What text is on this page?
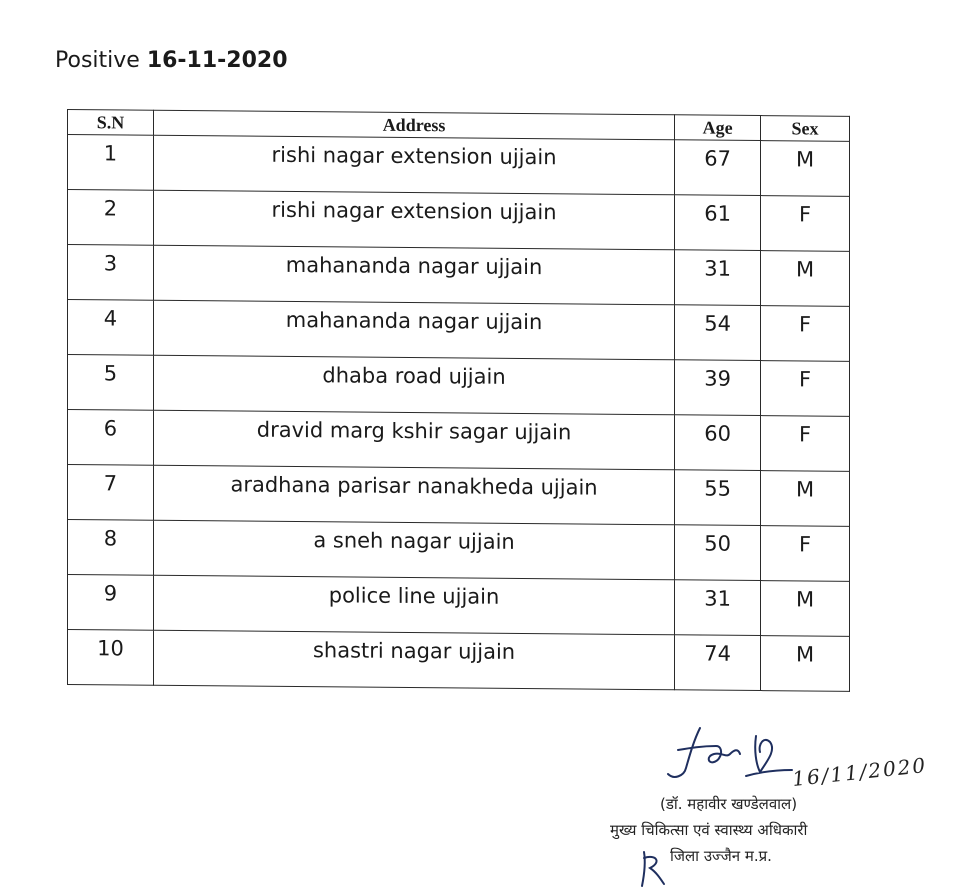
Positive 16-11-2020
S.N	Address	Age	Sex
1	rishi nagar extension ujjain	67	M
2	rishi nagar extension ujjain	61	F
3	mahananda nagar ujjain	31	M
4	mahananda nagar ujjain	54	F
5	dhaba road ujjain	39	F
6	dravid marg kshir sagar ujjain	60	F
7	aradhana parisar nanakheda ujjain	55	M
8	a sneh nagar ujjain	50	F
9	police line ujjain	31	M
10	shastri nagar ujjain	74	M
16/11/2020
(डॉ. महावीर खण्डेलवाल)
मुख्य चिकित्सा एवं स्वास्थ्य अधिकारी
जिला उज्जैन म.प्र.
